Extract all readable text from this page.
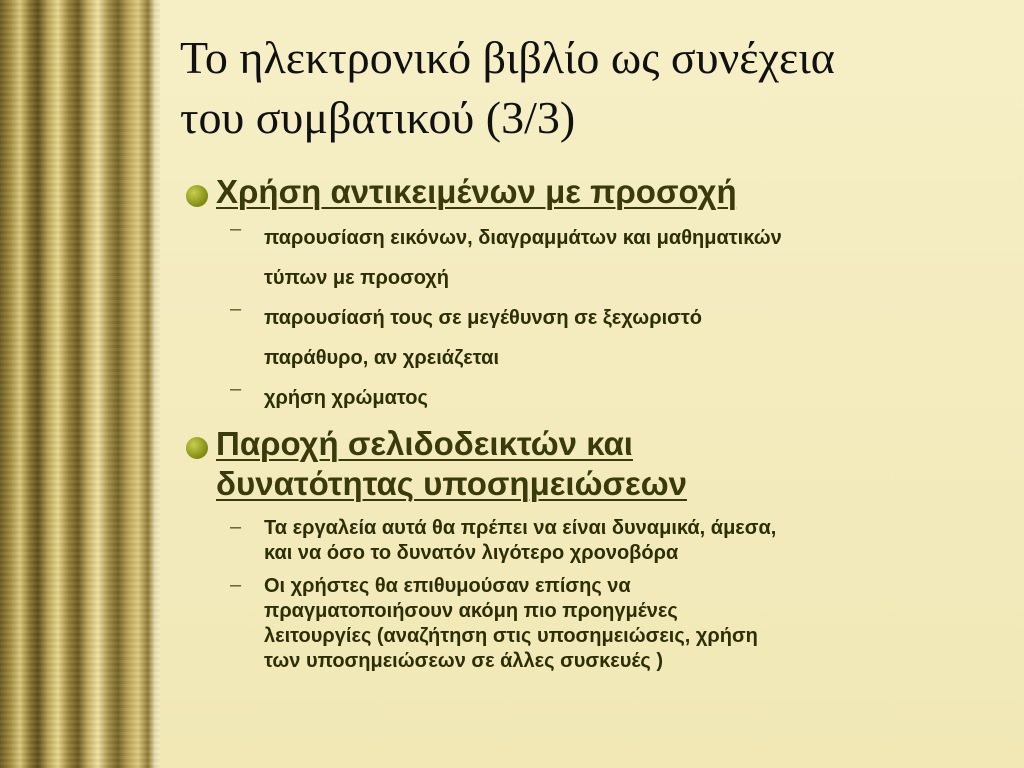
Το ηλεκτρονικό βιβλίο ως συνέχεια
του συμβατικού (3/3)
Χρήση αντικειμένων με προσοχή
– παρουσίαση εικόνων, διαγραμμάτων και μαθηματικών
τύπων με προσοχή
– παρουσίασή τους σε μεγέθυνση σε ξεχωριστό
παράθυρο, αν χρειάζεται
– χρήση χρώματος
Παροχή σελιδοδεικτών και
δυνατότητας υποσημειώσεων
– Τα εργαλεία αυτά θα πρέπει να είναι δυναμικά, άμεσα,
και να όσο το δυνατόν λιγότερο χρονοβόρα
– Οι χρήστες θα επιθυμούσαν επίσης να
πραγματοποιήσουν ακόμη πιο προηγμένες
λειτουργίες (αναζήτηση στις υποσημειώσεις, χρήση
των υποσημειώσεων σε άλλες συσκευές )
